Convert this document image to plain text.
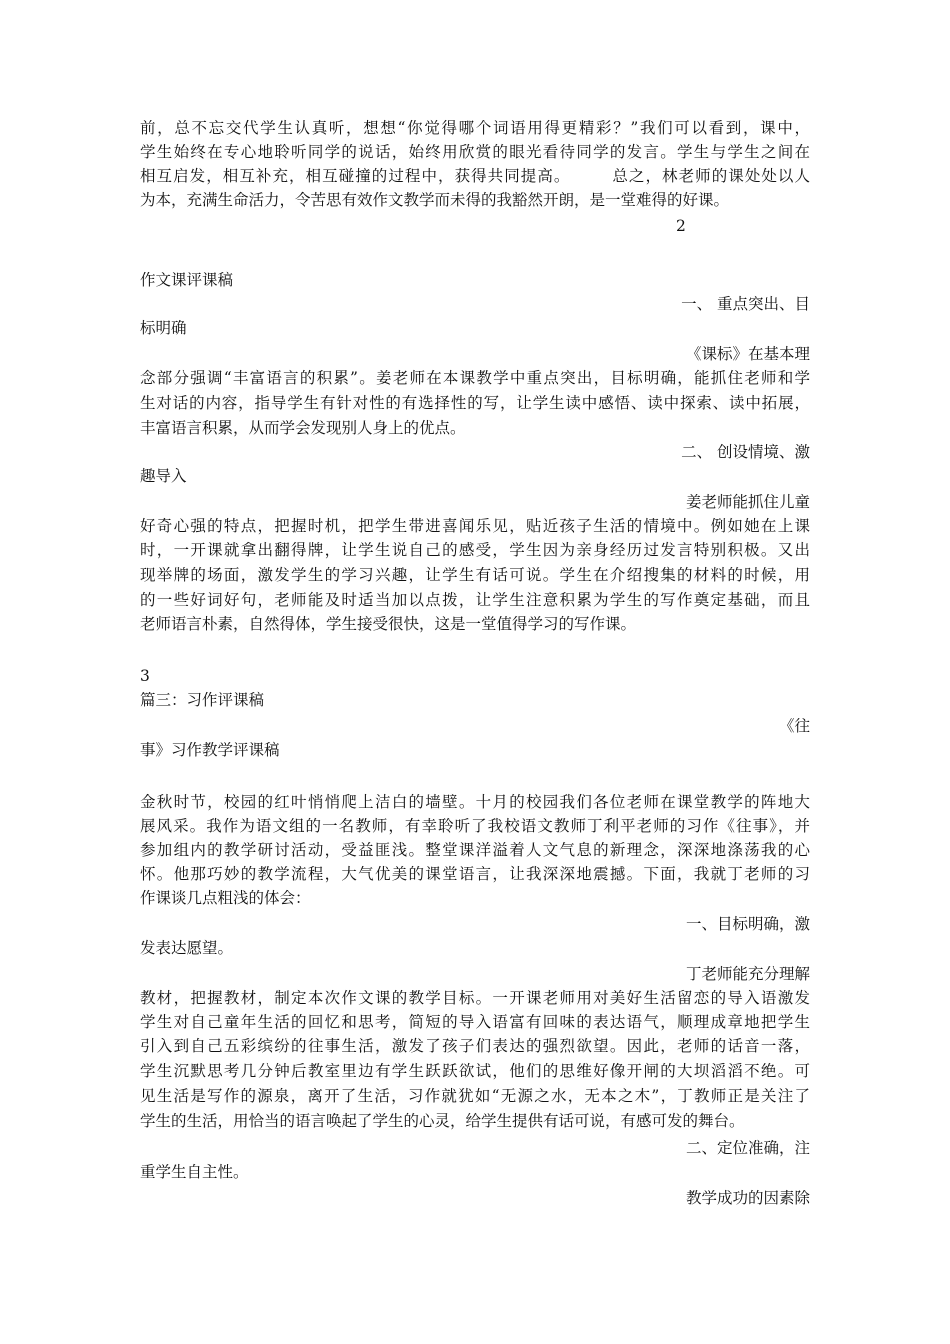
前，总不忘交代学生认真听，想想“你觉得哪个词语用得更精彩？”我们可以看到，课中，
学生始终在专心地聆听同学的说话，始终用欣赏的眼光看待同学的发言。学生与学生之间在
相互启发，相互补充，相互碰撞的过程中，获得共同提高。　　　总之，林老师的课处处以人
为本，充满生命活力，令苦思有效作文教学而未得的我豁然开朗，是一堂难得的好课。
2
作文课评课稿
一、 重点突出、目
标明确
《课标》在基本理
念部分强调“丰富语言的积累”。姜老师在本课教学中重点突出，目标明确，能抓住老师和学
生对话的内容，指导学生有针对性的有选择性的写，让学生读中感悟、读中探索、读中拓展，
丰富语言积累，从而学会发现别人身上的优点。
二、 创设情境、激
趣导入
姜老师能抓住儿童
好奇心强的特点，把握时机，把学生带进喜闻乐见，贴近孩子生活的情境中。例如她在上课
时，一开课就拿出翻得牌，让学生说自己的感受，学生因为亲身经历过发言特别积极。又出
现举牌的场面，激发学生的学习兴趣，让学生有话可说。学生在介绍搜集的材料的时候，用
的一些好词好句，老师能及时适当加以点拨，让学生注意积累为学生的写作奠定基础，而且
老师语言朴素，自然得体，学生接受很快，这是一堂值得学习的写作课。
3
篇三：习作评课稿
《往
事》习作教学评课稿
金秋时节，校园的红叶悄悄爬上洁白的墙壁。十月的校园我们各位老师在课堂教学的阵地大
展风采。我作为语文组的一名教师，有幸聆听了我校语文教师丁利平老师的习作《往事》，并
参加组内的教学研讨活动，受益匪浅。整堂课洋溢着人文气息的新理念，深深地涤荡我的心
怀。他那巧妙的教学流程，大气优美的课堂语言，让我深深地震撼。下面，我就丁老师的习
作课谈几点粗浅的体会：
一、目标明确，激
发表达愿望。
丁老师能充分理解
教材，把握教材，制定本次作文课的教学目标。一开课老师用对美好生活留恋的导入语激发
学生对自己童年生活的回忆和思考，简短的导入语富有回味的表达语气，顺理成章地把学生
引入到自己五彩缤纷的往事生活，激发了孩子们表达的强烈欲望。因此，老师的话音一落，
学生沉默思考几分钟后教室里边有学生跃跃欲试，他们的思维好像开闸的大坝滔滔不绝。可
见生活是写作的源泉，离开了生活，习作就犹如“无源之水，无本之木”，丁教师正是关注了
学生的生活，用恰当的语言唤起了学生的心灵，给学生提供有话可说，有感可发的舞台。
二、定位准确，注
重学生自主性。
教学成功的因素除
